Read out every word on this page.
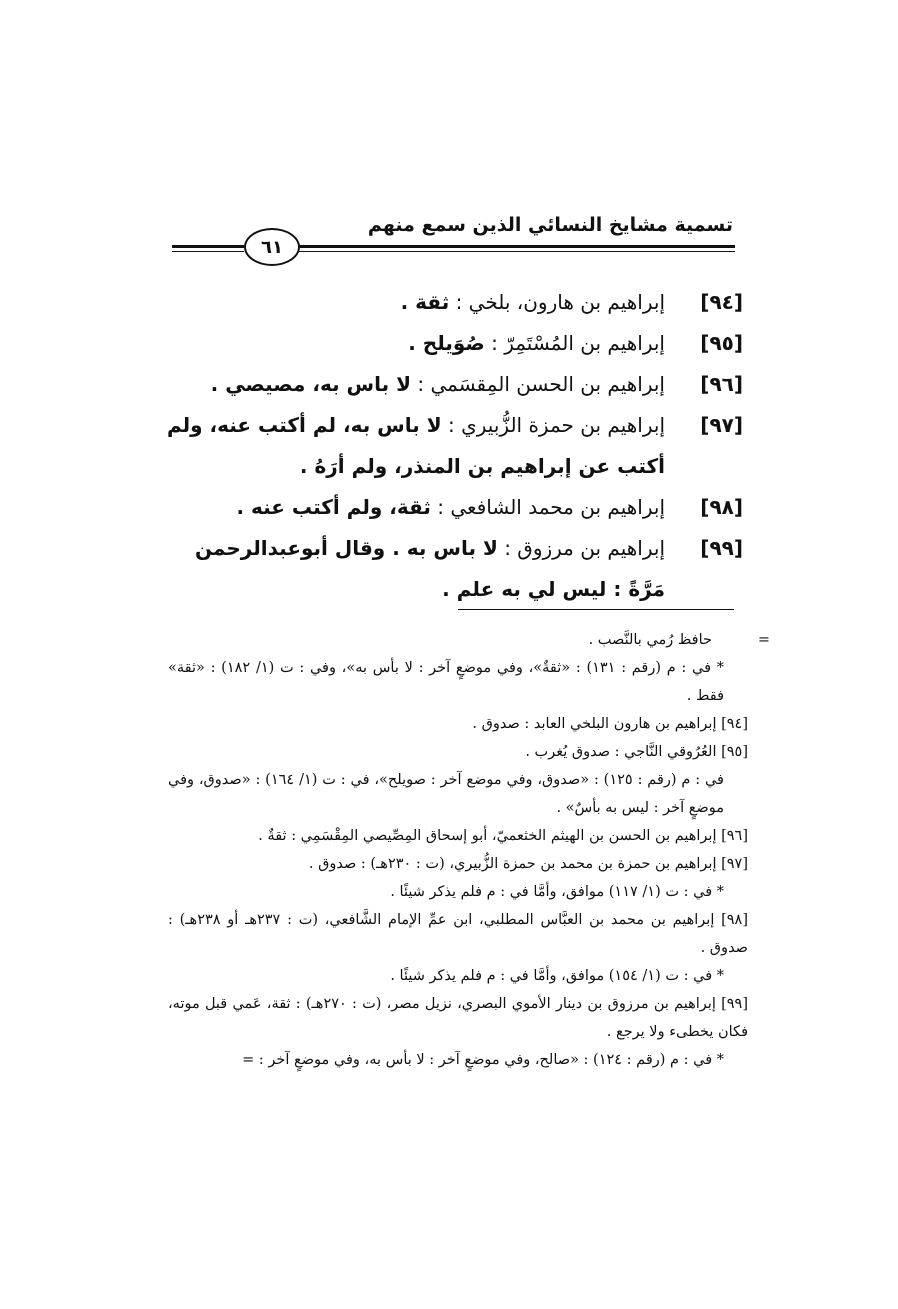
تسمية مشايخ النسائي الذين سمع منهم
٦١

[٩٤]
إبراهيم بن هارون، بلخي : ثقة .

[٩٥]
إبراهيم بن المُسْتَمِرّ : صُوَيلح .

[٩٦]
إبراهيم بن الحسن المِقسَمي : لا باس به، مصيصي .

[٩٧]
إبراهيم بن حمزة الزُّبيري : لا باس به، لم أكتب عنه، ولم أكتب عن إبراهيم بن المنذر، ولم أرَهُ .

[٩٨]
إبراهيم بن محمد الشافعي : ثقة، ولم أكتب عنه .

[٩٩]
إبراهيم بن مرزوق : لا باس به . وقال أبوعبدالرحمن مَرَّةً : ليس لي به علم .

=
حافظ رُمي بالنَّصب .

* في : م (رقم : ١٣١) : «ثقةٌ»، وفي موضعٍ آخر : لا بأس به»، وفي : ت (١/ ١٨٢) : «ثقة» فقط .

[٩٤] إبراهيم بن هارون البلخي العابد : صدوق .

[٩٥] العُرُوقي النَّاجي : صدوق يُغرب .

في : م (رقم : ١٢٥) : «صدوق، وفي موضع آخر : صويلح»، في : ت (١/ ١٦٤) : «صدوق، وفي موضعٍ آخر : ليس به بأسٌ» .

[٩٦] إبراهيم بن الحسن بن الهيثم الخثعميّ، أبو إسحاق المِصِّيصي المِقْسَمِي : ثقةٌ .

[٩٧] إبراهيم بن حمزة بن محمد بن حمزة الزُّبيري، (ت : ٢٣٠هـ) : صدوق .

* في : ت (١/ ١١٧) موافق، وأمَّا في : م فلم يذكر شيئًا .

[٩٨] إبراهيم بن محمد بن العبَّاس المطلبي، ابن عمِّ الإمام الشَّافعي، (ت : ٢٣٧هـ أو ٢٣٨هـ) : صدوق .

* في : ت (١/ ١٥٤) موافق، وأمَّا في : م فلم يذكر شيئًا .

[٩٩] إبراهيم بن مرزوق بن دينار الأموي البصري، نزيل مصر، (ت : ٢٧٠هـ) : ثقة، عَمي قبل موته، فكان يخطىء ولا يرجع .

* في : م (رقم : ١٢٤) : «صالح، وفي موضعٍ آخر : لا بأس به، وفي موضعٍ آخر : =
